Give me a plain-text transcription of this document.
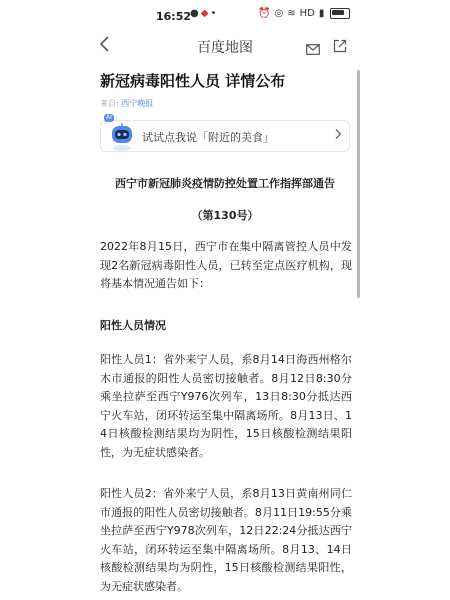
16:52
●◆•	⏰ ◎ ≋ HD ▮
百度地图
新冠病毒阳性人员 详情公布
来自: 西宁晚报
AI
试试点我说「附近的美食」
西宁市新冠肺炎疫情防控处置工作指挥部通告
（第130号）
2022年8月15日，西宁市在集中隔离管控人员中发现2名新冠病毒阳性人员，已转至定点医疗机构，现将基本情况通告如下：
阳性人员情况
阳性人员1：省外来宁人员，系8月14日海西州格尔木市通报的阳性人员密切接触者。8月12日8:30分乘坐拉萨至西宁Y976次列车，13日8:30分抵达西宁火车站，闭环转运至集中隔离场所。8月13日、14日核酸检测结果均为阴性，15日核酸检测结果阳性，为无症状感染者。
阳性人员2：省外来宁人员，系8月13日黄南州同仁市通报的阳性人员密切接触者。8月11日19:55分乘坐拉萨至西宁Y978次列车，12日22:24分抵达西宁火车站，闭环转运至集中隔离场所。8月13、14日核酸检测结果均为阴性，15日核酸检测结果阳性，为无症状感染者。
